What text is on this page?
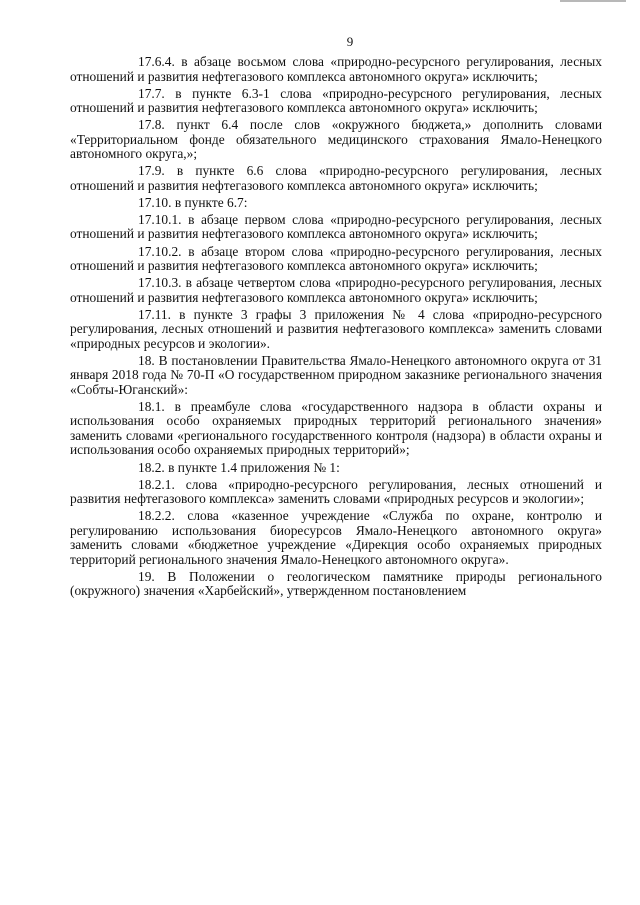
9

17.6.4. в абзаце восьмом слова «природно-ресурсного регулирования, лесных отношений и развития нефтегазового комплекса автономного округа» исключить;

17.7. в пункте 6.3-1 слова «природно-ресурсного регулирования, лесных отношений и развития нефтегазового комплекса автономного округа» исключить;

17.8. пункт 6.4 после слов «окружного бюджета,» дополнить словами «Территориальном фонде обязательного медицинского страхования Ямало-Ненецкого автономного округа,»;

17.9. в пункте 6.6 слова «природно-ресурсного регулирования, лесных отношений и развития нефтегазового комплекса автономного округа» исключить;

17.10. в пункте 6.7:

17.10.1. в абзаце первом слова «природно-ресурсного регулирования, лесных отношений и развития нефтегазового комплекса автономного округа» исключить;

17.10.2. в абзаце втором слова «природно-ресурсного регулирования, лесных отношений и развития нефтегазового комплекса автономного округа» исключить;

17.10.3. в абзаце четвертом слова «природно-ресурсного регулирования, лесных отношений и развития нефтегазового комплекса автономного округа» исключить;

17.11. в пункте 3 графы 3 приложения № 4 слова «природно-ресурсного регулирования, лесных отношений и развития нефтегазового комплекса» заменить словами «природных ресурсов и экологии».

18. В постановлении Правительства Ямало-Ненецкого автономного округа от 31 января 2018 года № 70-П «О государственном природном заказнике регионального значения «Собты-Юганский»:

18.1. в преамбуле слова «государственного надзора в области охраны и использования особо охраняемых природных территорий регионального значения» заменить словами «регионального государственного контроля (надзора) в области охраны и использования особо охраняемых природных территорий»;

18.2. в пункте 1.4 приложения № 1:

18.2.1. слова «природно-ресурсного регулирования, лесных отношений и развития нефтегазового комплекса» заменить словами «природных ресурсов и экологии»;

18.2.2. слова «казенное учреждение «Служба по охране, контролю и регулированию использования биоресурсов Ямало-Ненецкого автономного округа» заменить словами «бюджетное учреждение «Дирекция особо охраняемых природных территорий регионального значения Ямало-Ненецкого автономного округа».

19. В Положении о геологическом памятнике природы регионального (окружного) значения «Харбейский», утвержденном постановлением
